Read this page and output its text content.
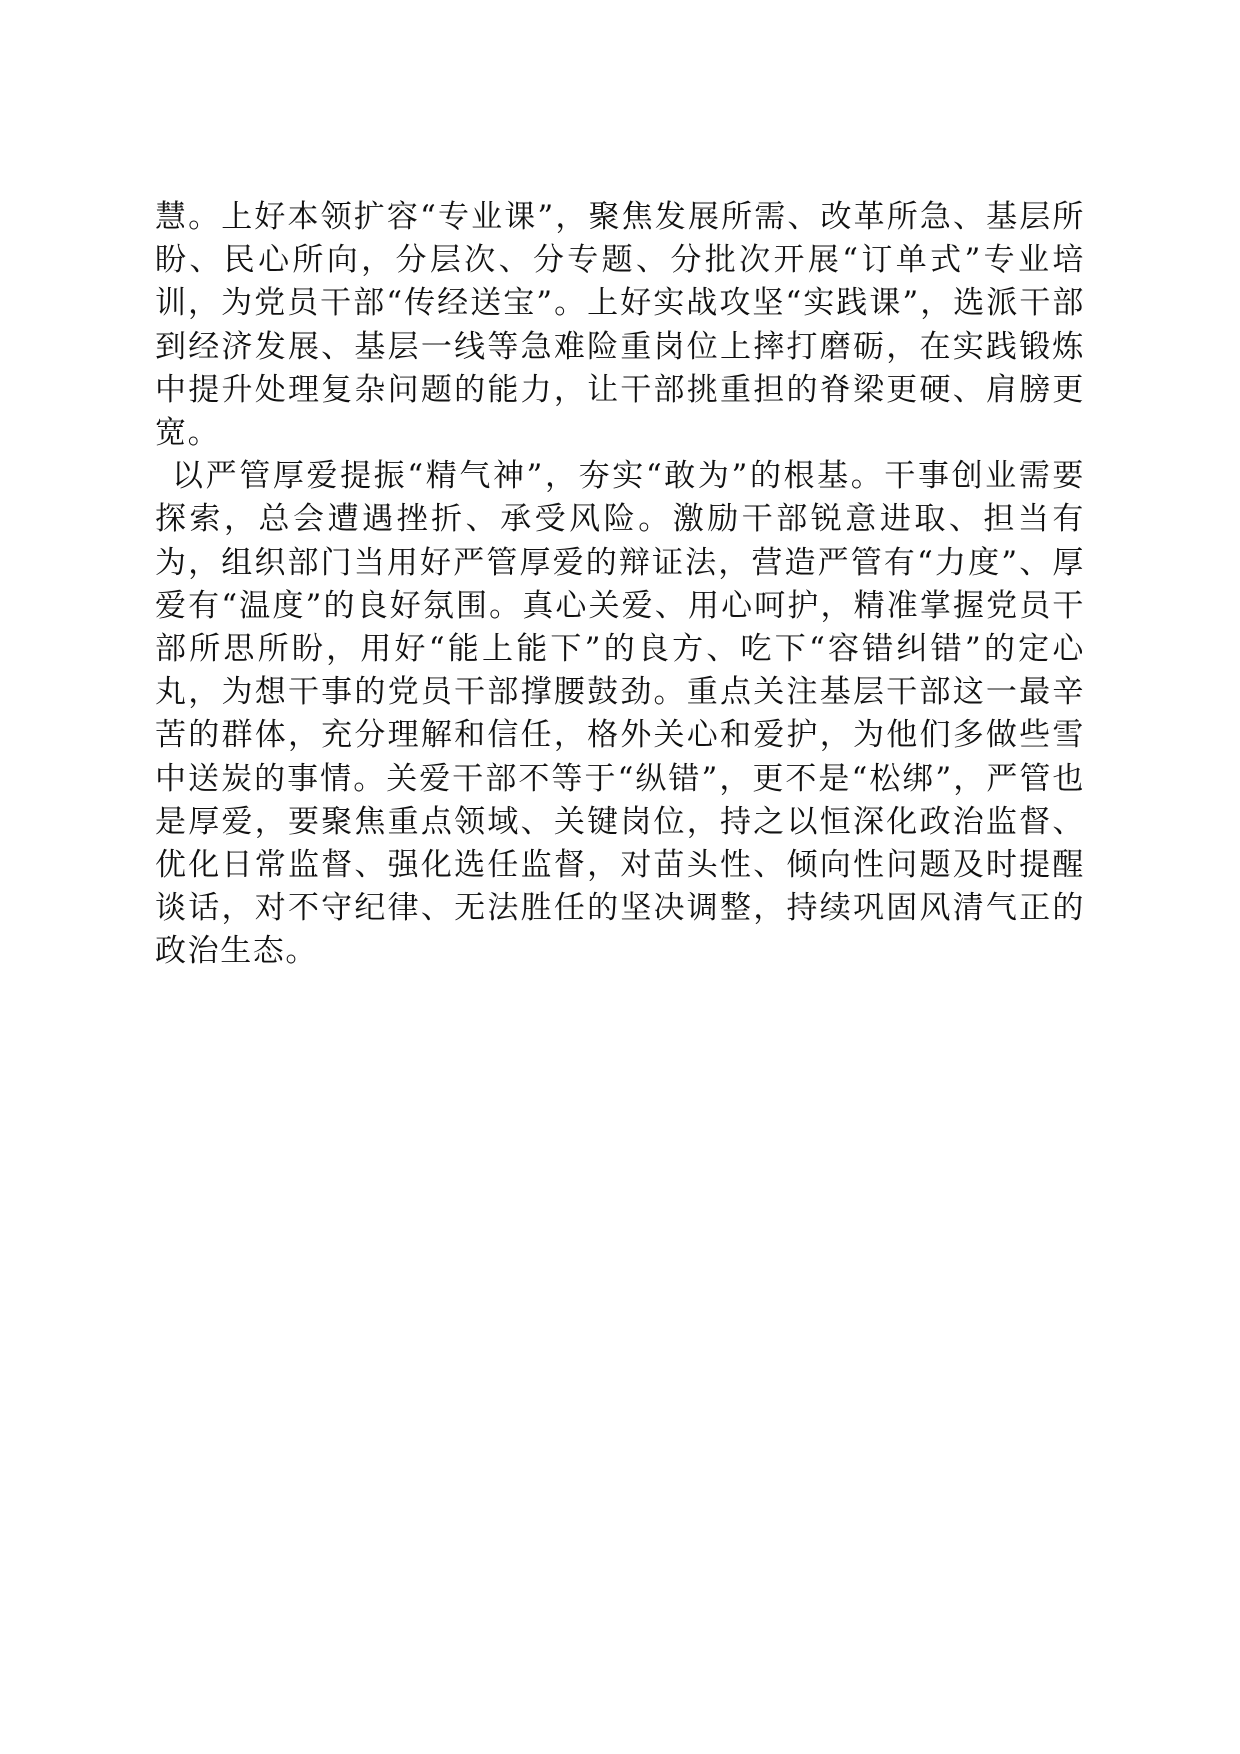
慧。上好本领扩容“专业课”，聚焦发展所需、改革所急、基层所盼、民心所向，分层次、分专题、分批次开展“订单式”专业培训，为党员干部“传经送宝”。上好实战攻坚“实践课”，选派干部到经济发展、基层一线等急难险重岗位上摔打磨砺，在实践锻炼中提升处理复杂问题的能力，让干部挑重担的脊梁更硬、肩膀更宽。

以严管厚爱提振“精气神”，夯实“敢为”的根基。干事创业需要探索，总会遭遇挫折、承受风险。激励干部锐意进取、担当有为，组织部门当用好严管厚爱的辩证法，营造严管有“力度”、厚爱有“温度”的良好氛围。真心关爱、用心呵护，精准掌握党员干部所思所盼，用好“能上能下”的良方、吃下“容错纠错”的定心丸，为想干事的党员干部撑腰鼓劲。重点关注基层干部这一最辛苦的群体，充分理解和信任，格外关心和爱护，为他们多做些雪中送炭的事情。关爱干部不等于“纵错”，更不是“松绑”，严管也是厚爱，要聚焦重点领域、关键岗位，持之以恒深化政治监督、优化日常监督、强化选任监督，对苗头性、倾向性问题及时提醒谈话，对不守纪律、无法胜任的坚决调整，持续巩固风清气正的政治生态。
